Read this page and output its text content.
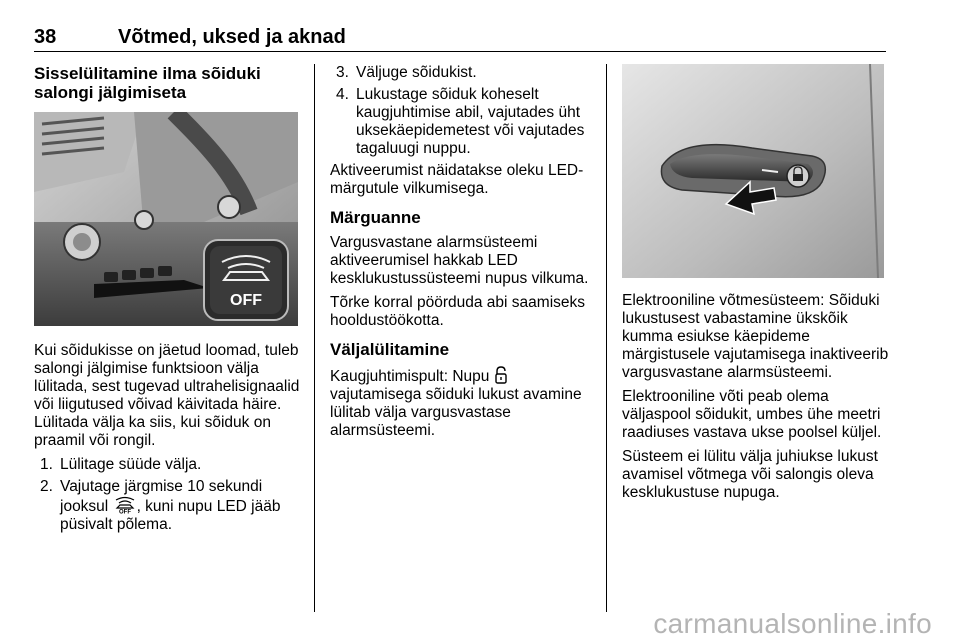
38	Võtmed, uksed ja aknad
Sisselülitamine ilma sõiduki salongi jälgimiseta
OFF

Kui sõidukisse on jäetud loomad, tuleb salongi jälgimise funktsioon välja lülitada, sest tugevad ultrahelisignaalid või liigutused võivad käivitada häire. Lülitada välja ka siis, kui sõiduk on praamil või rongil.

1. Lülitage süüde välja.
2. Vajutage järgmise 10 sekundi jooksul OFF , kuni nupu LED jääb püsivalt põlema.
3. Väljuge sõidukist.
4. Lukustage sõiduk koheselt kaugjuhtimise abil, vajutades üht uksekäepidemetest või vajutades tagaluugi nuppu.

Aktiveerumist näidatakse oleku LED-märgutule vilkumisega.

Märguanne

Vargusvastane alarmsüsteemi aktiveerumisel hakkab LED kesklukustussüsteemi nupus vilkuma.

Tõrke korral pöörduda abi saamiseks hooldustöökotta.

Väljalülitamine

Kaugjuhtimispult: Nupu  vajutamisega sõiduki lukust avamine lülitab välja vargusvastase alarmsüsteemi.

Elektrooniline võtmesüsteem: Sõiduki lukustusest vabastamine ükskõik kumma esiukse käepideme märgistusele vajutamisega inaktiveerib vargusvastane alarmsüsteemi.

Elektrooniline võti peab olema väljaspool sõidukit, umbes ühe meetri raadiuses vastava ukse poolsel küljel.

Süsteem ei lülitu välja juhiukse lukust avamisel võtmega või salongis oleva kesklukustuse nupuga.

carmanualsonline.info
